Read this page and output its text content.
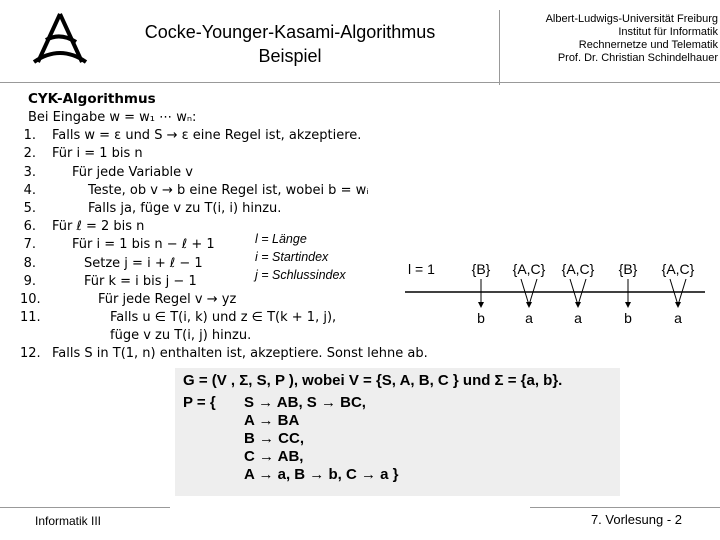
Cocke-Younger-Kasami-Algorithmus
Beispiel
Albert-Ludwigs-Universität Freiburg
Institut für Informatik
Rechnernetze und Telematik
Prof. Dr. Christian Schindelhauer
CYK-Algorithmus
Bei Eingabe w = w₁ ⋯ wₙ:
1. Falls w = ε und S → ε eine Regel ist, akzeptiere.
2. Für i = 1 bis n
3.	Für jede Variable v
4.	Teste, ob v → b eine Regel ist, wobei b = wᵢ
5.	Falls ja, füge v zu T(i, i) hinzu.
6. Für ℓ = 2 bis n
7.	Für i = 1 bis n − ℓ + 1
8.	Setze j = i + ℓ − 1
9.	Für k = i bis j − 1
10.	Für jede Regel v → yz
11.	Falls u ∈ T(i, k) und z ∈ T(k + 1, j),
füge v zu T(i, j) hinzu.
12. Falls S in T(1, n) enthalten ist, akzeptiere. Sonst lehne ab.
l = Länge
i = Startindex
j = Schlussindex	l = 1	{B} {A,C} {A,C} {B} {A,C}
b	a	a	b	a
G = (V , Σ, S, P ), wobei V = {S, A, B, C } und Σ = {a, b}.
P = { S → AB, S → BC,
A → BA
B → CC,
C → AB,
A → a, B → b, C → a }
Informatik III	7. Vorlesung - 2
